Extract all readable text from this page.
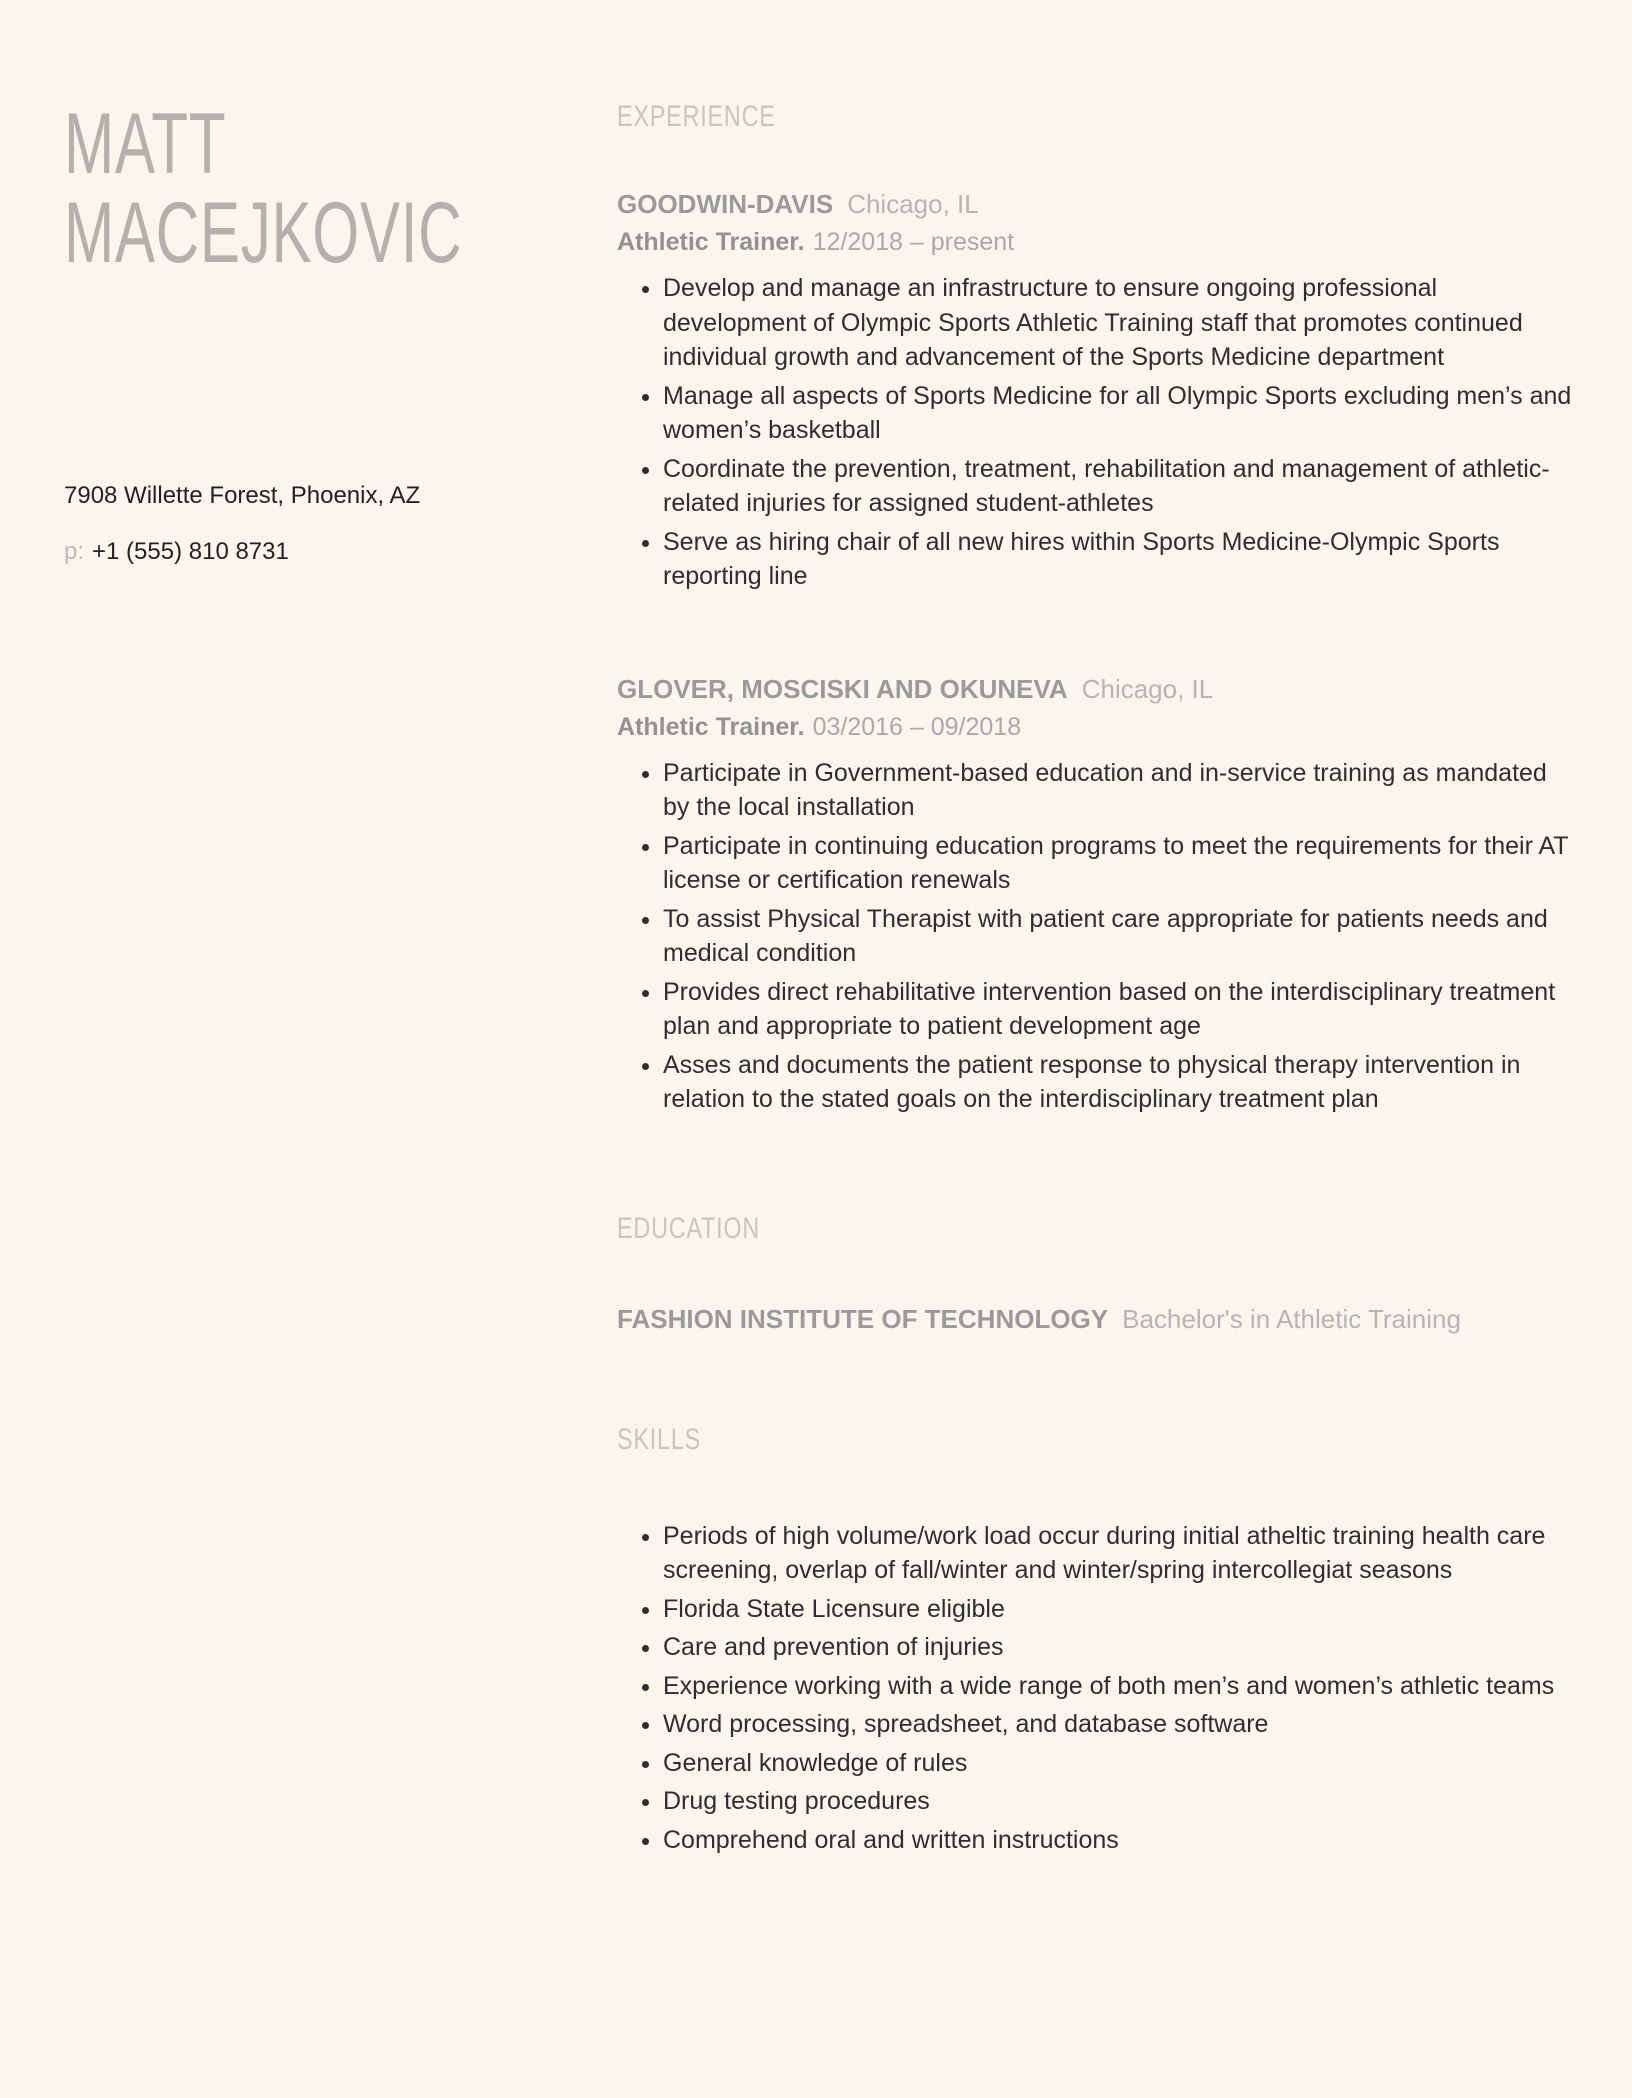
MATT
MACEJKOVIC

7908 Willette Forest, Phoenix, AZ

p: +1 (555) 810 8731

EXPERIENCE

GOODWIN-DAVIS Chicago, IL

Athletic Trainer. 12/2018 – present

• Develop and manage an infrastructure to ensure ongoing professional development of Olympic Sports Athletic Training staff that promotes continued individual growth and advancement of the Sports Medicine department
• Manage all aspects of Sports Medicine for all Olympic Sports excluding men’s and women’s basketball
• Coordinate the prevention, treatment, rehabilitation and management of athletic-related injuries for assigned student-athletes
• Serve as hiring chair of all new hires within Sports Medicine-Olympic Sports reporting line

GLOVER, MOSCISKI AND OKUNEVA Chicago, IL

Athletic Trainer. 03/2016 – 09/2018

• Participate in Government-based education and in-service training as mandated by the local installation
• Participate in continuing education programs to meet the requirements for their AT license or certification renewals
• To assist Physical Therapist with patient care appropriate for patients needs and medical condition
• Provides direct rehabilitative intervention based on the interdisciplinary treatment plan and appropriate to patient development age
• Asses and documents the patient response to physical therapy intervention in relation to the stated goals on the interdisciplinary treatment plan
EDUCATION

FASHION INSTITUTE OF TECHNOLOGY Bachelor's in Athletic Training

SKILLS
• Periods of high volume/work load occur during initial atheltic training health care screening, overlap of fall/winter and winter/spring intercollegiat seasons
• Florida State Licensure eligible
• Care and prevention of injuries
• Experience working with a wide range of both men’s and women’s athletic teams
• Word processing, spreadsheet, and database software
• General knowledge of rules
• Drug testing procedures
• Comprehend oral and written instructions
